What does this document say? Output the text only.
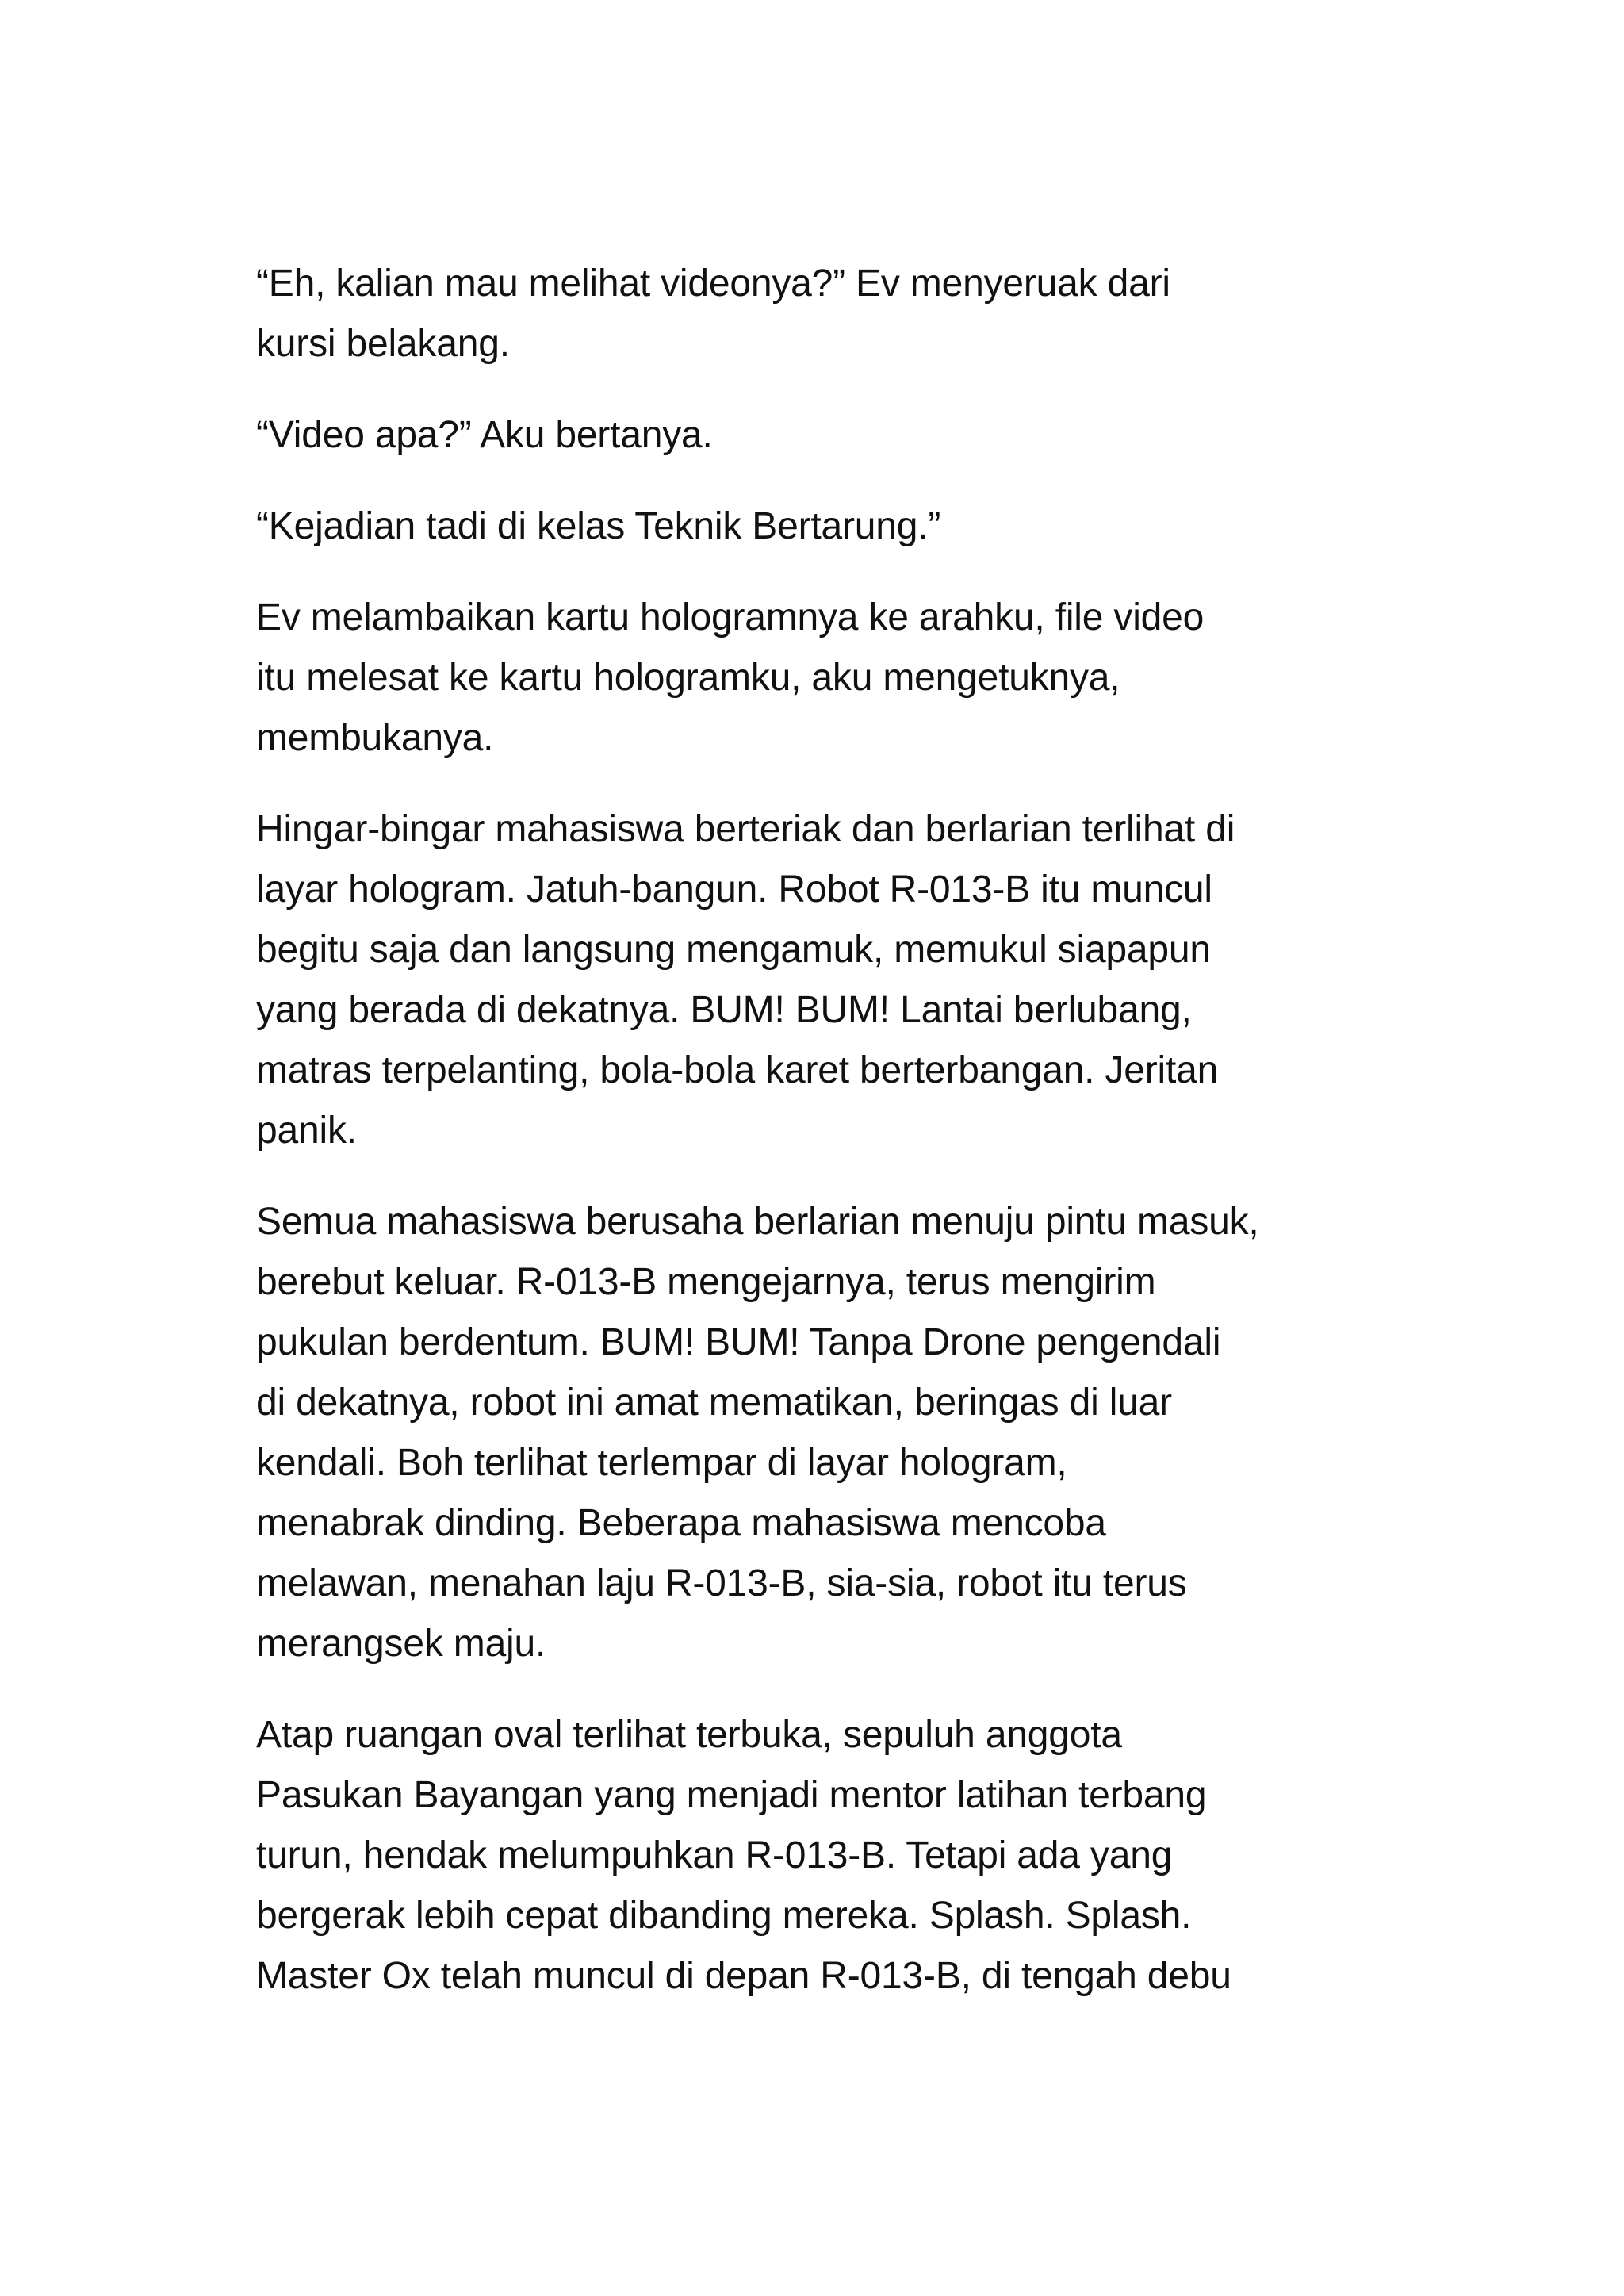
“Eh, kalian mau melihat videonya?” Ev menyeruak dari
kursi belakang.

“Video apa?” Aku bertanya.

“Kejadian tadi di kelas Teknik Bertarung.”

Ev melambaikan kartu hologramnya ke arahku, file video
itu melesat ke kartu hologramku, aku mengetuknya,
membukanya.

Hingar-bingar mahasiswa berteriak dan berlarian terlihat di
layar hologram. Jatuh-bangun. Robot R-013-B itu muncul
begitu saja dan langsung mengamuk, memukul siapapun
yang berada di dekatnya. BUM! BUM! Lantai berlubang,
matras terpelanting, bola-bola karet berterbangan. Jeritan
panik.

Semua mahasiswa berusaha berlarian menuju pintu masuk,
berebut keluar. R-013-B mengejarnya, terus mengirim
pukulan berdentum. BUM! BUM! Tanpa Drone pengendali
di dekatnya, robot ini amat mematikan, beringas di luar
kendali. Boh terlihat terlempar di layar hologram,
menabrak dinding. Beberapa mahasiswa mencoba
melawan, menahan laju R-013-B, sia-sia, robot itu terus
merangsek maju.

Atap ruangan oval terlihat terbuka, sepuluh anggota
Pasukan Bayangan yang menjadi mentor latihan terbang
turun, hendak melumpuhkan R-013-B. Tetapi ada yang
bergerak lebih cepat dibanding mereka. Splash. Splash.
Master Ox telah muncul di depan R-013-B, di tengah debu
